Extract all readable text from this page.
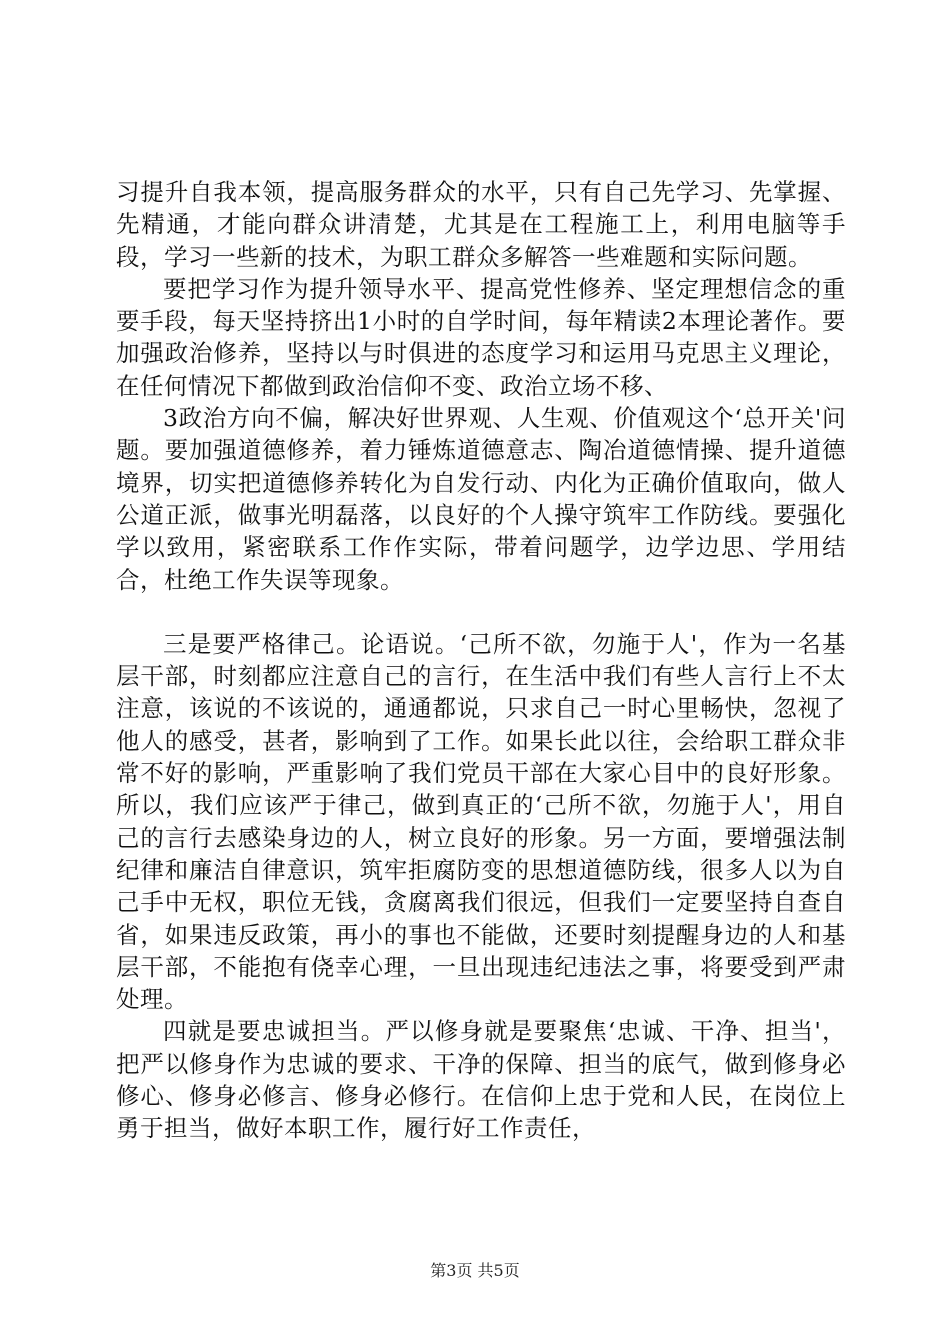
习提升自我本领，提高服务群众的水平，只有自己先学习、先掌握、先精通，才能向群众讲清楚，尤其是在工程施工上，利用电脑等手段，学习一些新的技术，为职工群众多解答一些难题和实际问题。

要把学习作为提升领导水平、提高党性修养、坚定理想信念的重要手段，每天坚持挤出1小时的自学时间，每年精读2本理论著作。要加强政治修养，坚持以与时俱进的态度学习和运用马克思主义理论，在任何情况下都做到政治信仰不变、政治立场不移、

3政治方向不偏，解决好世界观、人生观、价值观这个‘总开关'问题。要加强道德修养，着力锤炼道德意志、陶冶道德情操、提升道德境界，切实把道德修养转化为自发行动、内化为正确价值取向，做人公道正派，做事光明磊落，以良好的个人操守筑牢工作防线。要强化学以致用，紧密联系工作作实际，带着问题学，边学边思、学用结合，杜绝工作失误等现象。

三是要严格律己。论语说。‘己所不欲，勿施于人'，作为一名基层干部，时刻都应注意自己的言行，在生活中我们有些人言行上不太注意，该说的不该说的，通通都说，只求自己一时心里畅快，忽视了他人的感受，甚者，影响到了工作。如果长此以往，会给职工群众非常不好的影响，严重影响了我们党员干部在大家心目中的良好形象。所以，我们应该严于律己，做到真正的‘己所不欲，勿施于人'，用自己的言行去感染身边的人，树立良好的形象。另一方面，要增强法制纪律和廉洁自律意识，筑牢拒腐防变的思想道德防线，很多人以为自己手中无权，职位无钱，贪腐离我们很远，但我们一定要坚持自查自省，如果违反政策，再小的事也不能做，还要时刻提醒身边的人和基层干部，不能抱有侥幸心理，一旦出现违纪违法之事，将要受到严肃处理。

四就是要忠诚担当。严以修身就是要聚焦‘忠诚、干净、担当'，把严以修身作为忠诚的要求、干净的保障、担当的底气，做到修身必修心、修身必修言、修身必修行。在信仰上忠于党和人民，在岗位上勇于担当，做好本职工作，履行好工作责任，

第3页 共5页
